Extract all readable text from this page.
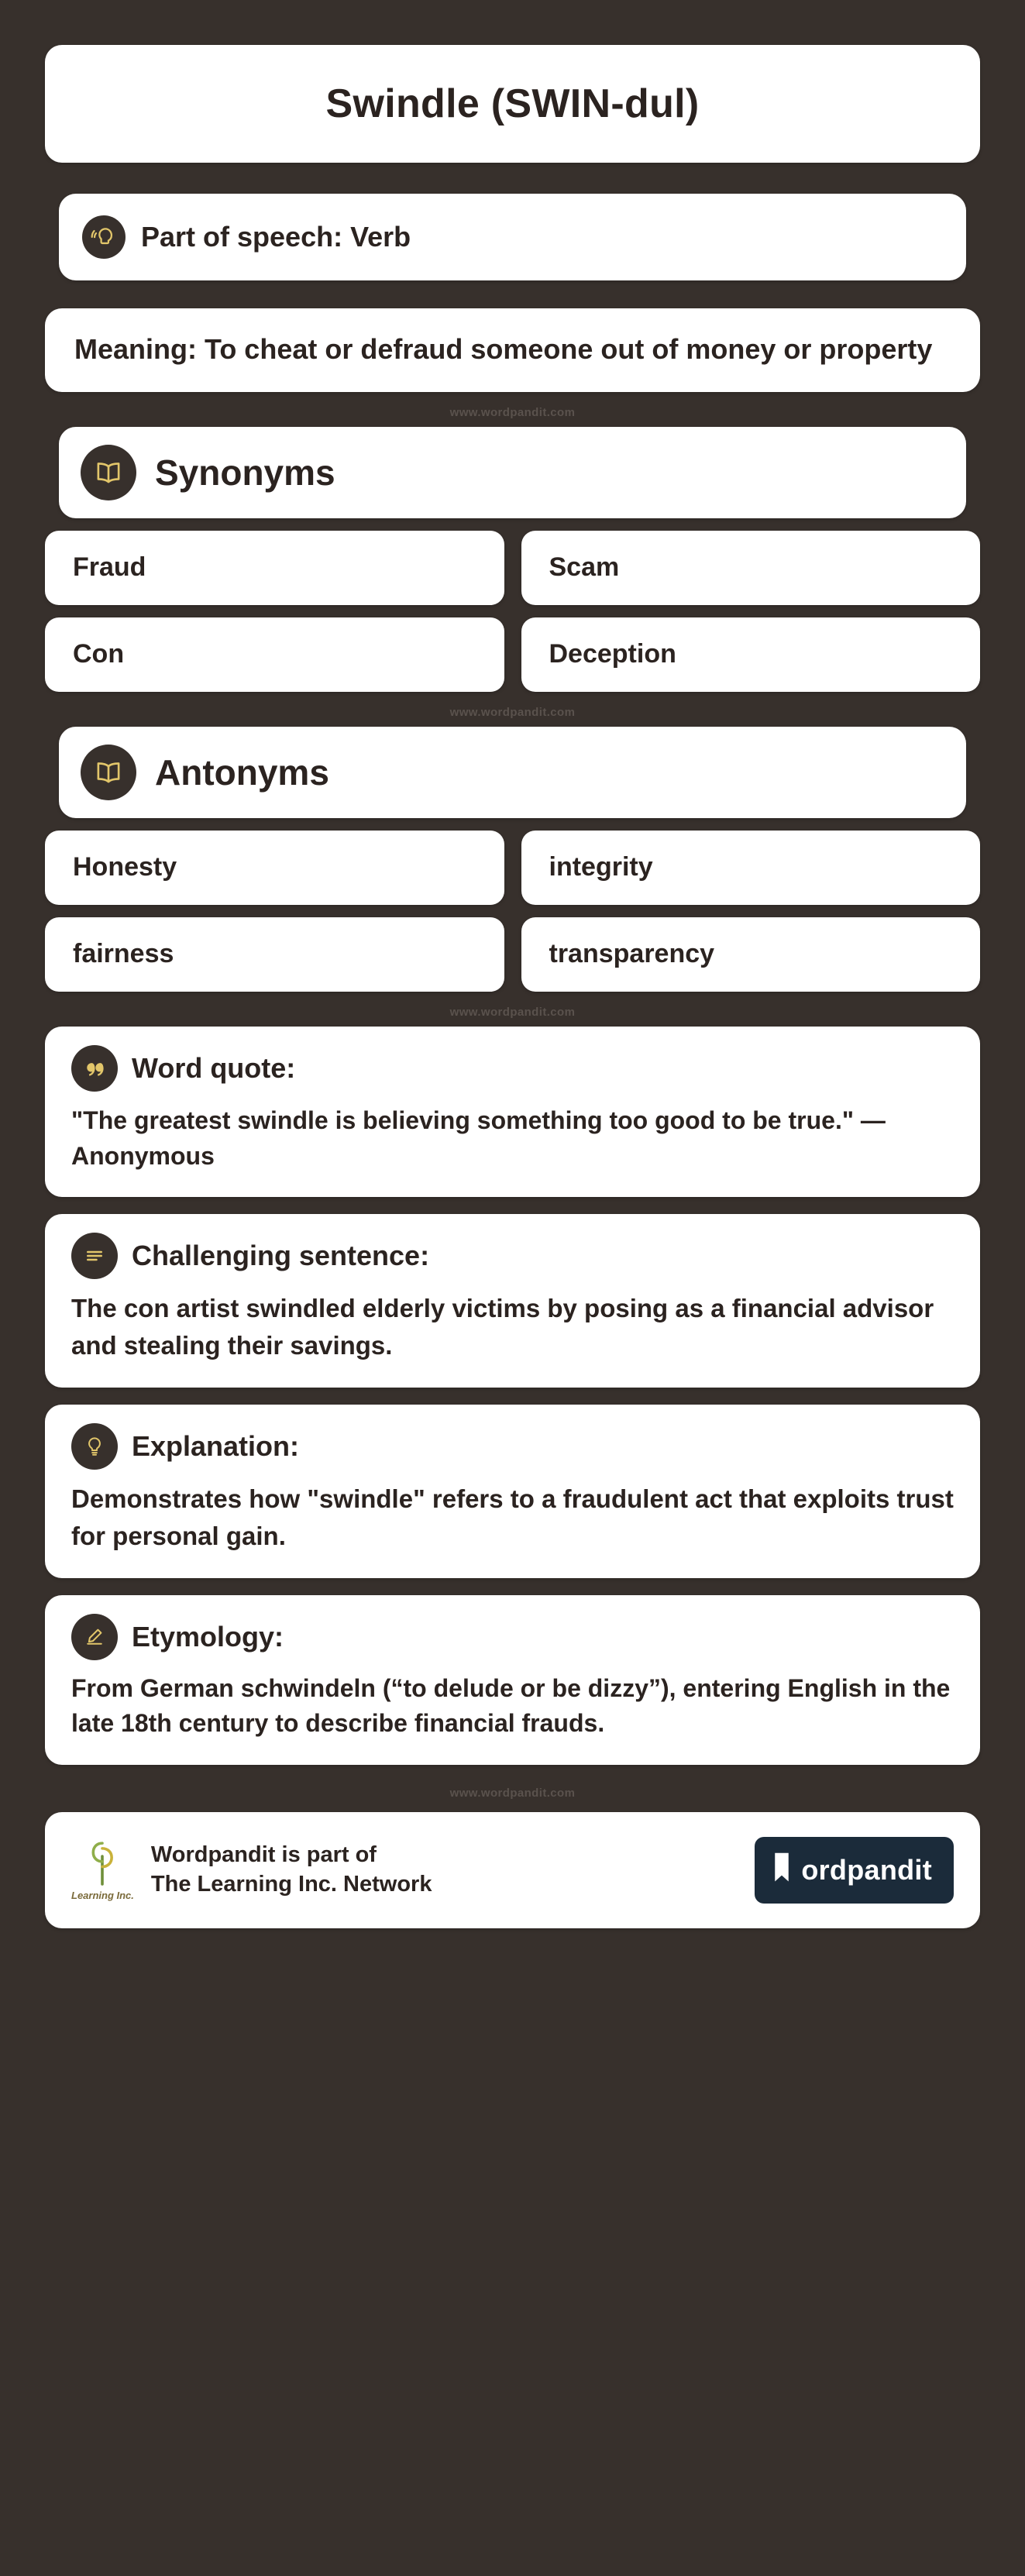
Swindle (SWIN-dul)
Part of speech: Verb
Meaning: To cheat or defraud someone out of money or property
www.wordpandit.com
Synonyms
Fraud	Scam
Con	Deception
www.wordpandit.com
Antonyms
Honesty	integrity
fairness	transparency
www.wordpandit.com
Word quote:
"The greatest swindle is believing something too good to be true." — Anonymous
Challenging sentence:
The con artist swindled elderly victims by posing as a financial advisor and stealing their savings.
Explanation:
Demonstrates how "swindle" refers to a fraudulent act that exploits trust for personal gain.
Etymology:
From German schwindeln (“to delude or be dizzy”), entering English in the late 18th century to describe financial frauds.
www.wordpandit.com
Learning Inc.
Wordpandit is part of
The Learning Inc. Network	ordpandit
